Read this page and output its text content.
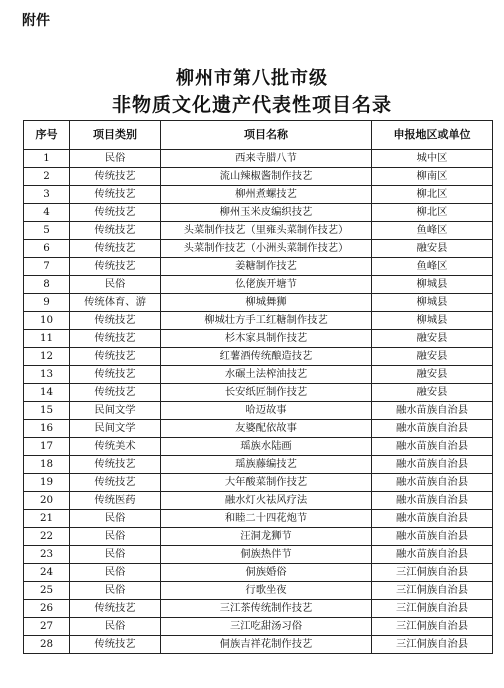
附件
柳州市第八批市级
非物质文化遗产代表性项目名录
序号	项目类别	项目名称	申报地区或单位
1	民俗	西来寺腊八节	城中区
2	传统技艺	流山辣椒酱制作技艺	柳南区
3	传统技艺	柳州煮螺技艺	柳北区
4	传统技艺	柳州玉米皮编织技艺	柳北区
5	传统技艺	头菜制作技艺（里雍头菜制作技艺）	鱼峰区
6	传统技艺	头菜制作技艺（小洲头菜制作技艺）	融安县
7	传统技艺	姜糖制作技艺	鱼峰区
8	民俗	仫佬族开塘节	柳城县
9	传统体育、游	柳城舞狮	柳城县
10	传统技艺	柳城壮方手工红糖制作技艺	柳城县
11	传统技艺	杉木家具制作技艺	融安县
12	传统技艺	红薯酒传统酿造技艺	融安县
13	传统技艺	水碾土法榨油技艺	融安县
14	传统技艺	长安纸匠制作技艺	融安县
15	民间文学	哈迈故事	融水苗族自治县
16	民间文学	友婆配依故事	融水苗族自治县
17	传统美术	瑶族水陆画	融水苗族自治县
18	传统技艺	瑶族藤编技艺	融水苗族自治县
19	传统技艺	大年酸菜制作技艺	融水苗族自治县
20	传统医药	融水灯火祛风疗法	融水苗族自治县
21	民俗	和睦二十四花炮节	融水苗族自治县
22	民俗	汪洞龙狮节	融水苗族自治县
23	民俗	侗族热伴节	融水苗族自治县
24	民俗	侗族婚俗	三江侗族自治县
25	民俗	行歌坐夜	三江侗族自治县
26	传统技艺	三江茶传统制作技艺	三江侗族自治县
27	民俗	三江吃甜汤习俗	三江侗族自治县
28	传统技艺	侗族吉祥花制作技艺	三江侗族自治县
